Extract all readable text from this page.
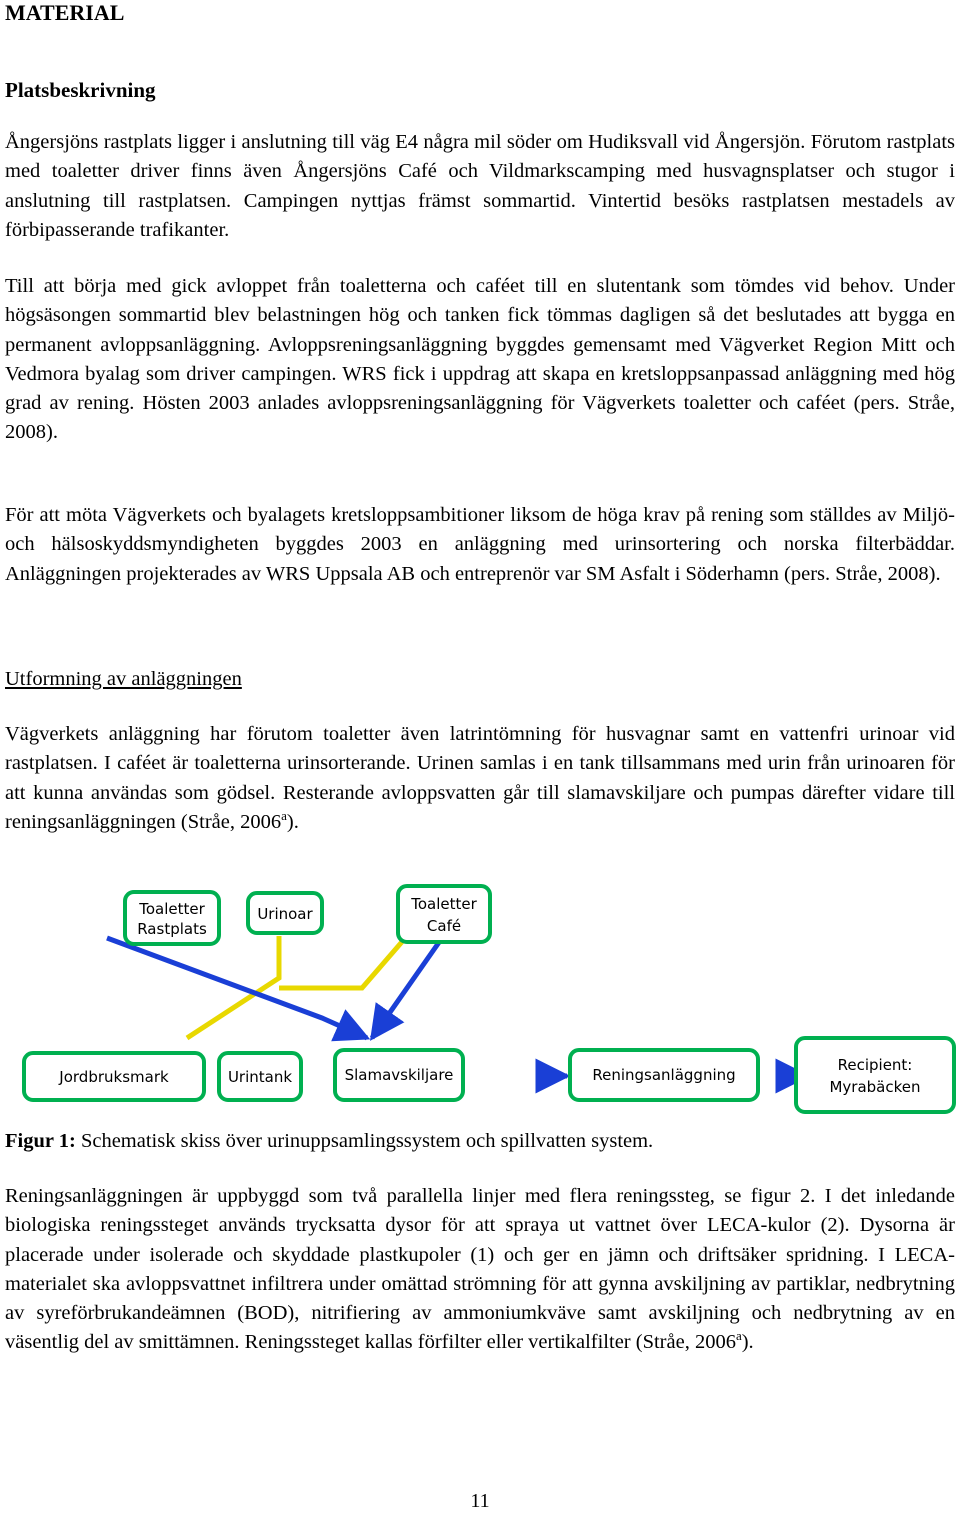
MATERIAL
Platsbeskrivning

Ångersjöns rastplats ligger i anslutning till väg E4 några mil söder om Hudiksvall vid Ångersjön. Förutom rastplats med toaletter driver finns även Ångersjöns Café och Vildmarkscamping med husvagnsplatser och stugor i anslutning till rastplatsen. Campingen nyttjas främst sommartid. Vintertid besöks rastplatsen mestadels av förbipasserande trafikanter.

Till att börja med gick avloppet från toaletterna och caféet till en slutentank som tömdes vid behov. Under högsäsongen sommartid blev belastningen hög och tanken fick tömmas dagligen så det beslutades att bygga en permanent avloppsanläggning. Avloppsreningsanläggning byggdes gemensamt med Vägverket Region Mitt och Vedmora byalag som driver campingen. WRS fick i uppdrag att skapa en kretsloppsanpassad anläggning med hög grad av rening. Hösten 2003 anlades avloppsreningsanläggning för Vägverkets toaletter och caféet (pers. Stråe, 2008).

För att möta Vägverkets och byalagets kretsloppsambitioner liksom de höga krav på rening som ställdes av Miljö- och hälsoskyddsmyndigheten byggdes 2003 en anläggning med urinsortering och norska filterbäddar. Anläggningen projekterades av WRS Uppsala AB och entreprenör var SM Asfalt i Söderhamn (pers. Stråe, 2008).

Utformning av anläggningen

Vägverkets anläggning har förutom toaletter även latrintömning för husvagnar samt en vattenfri urinoar vid rastplatsen. I caféet är toaletterna urinsorterande. Urinen samlas i en tank tillsammans med urin från urinoaren för att kunna användas som gödsel. Resterande avloppsvatten går till slamavskiljare och pumpas därefter vidare till reningsanläggningen (Stråe, 2006$^a$).

Toaletter
Rastplats
Urinoar
Toaletter
Café
Jordbruksmark	Urintank	Slamavskiljare	Reningsanläggning
Recipient:
Myrabäcken
Figur 1: Schematisk skiss över urinuppsamlingssystem och spillvatten system.

Reningsanläggningen är uppbyggd som två parallella linjer med flera reningssteg, se figur 2. I det inledande biologiska reningssteget används trycksatta dysor för att spraya ut vattnet över LECA-kulor (2). Dysorna är placerade under isolerade och skyddade plastkupoler (1) och ger en jämn och driftsäker spridning. I LECA-materialet ska avloppsvattnet infiltrera under omättad strömning för att gynna avskiljning av partiklar, nedbrytning av syreförbrukandeämnen (BOD), nitrifiering av ammoniumkväve samt avskiljning och nedbrytning av en väsentlig del av smittämnen. Reningssteget kallas förfilter eller vertikalfilter (Stråe, 2006$^a$).

11
